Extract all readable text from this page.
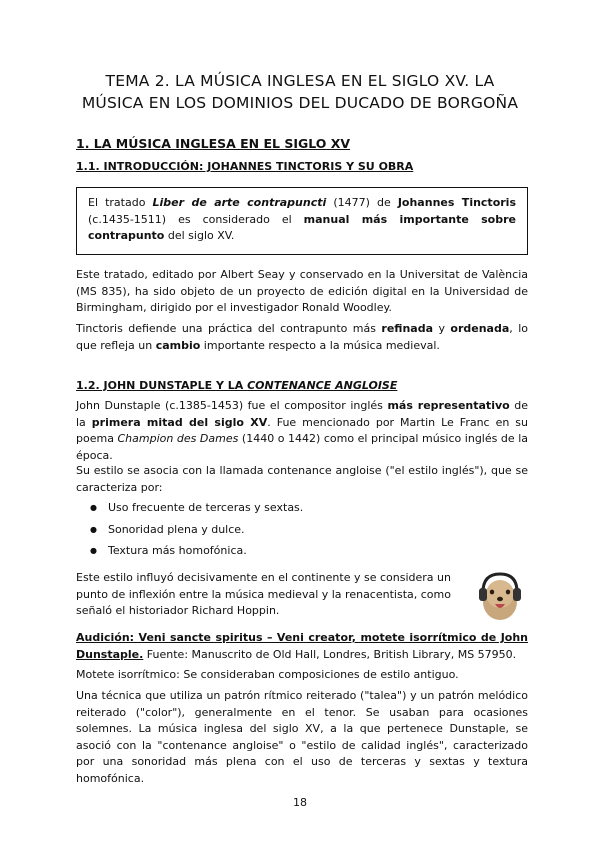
TEMA 2. LA MÚSICA INGLESA EN EL SIGLO XV. LA
MÚSICA EN LOS DOMINIOS DEL DUCADO DE BORGOÑA
1. LA MÚSICA INGLESA EN EL SIGLO XV
1.1. INTRODUCCIÓN: JOHANNES TINCTORIS Y SU OBRA
El tratado Liber de arte contrapuncti (1477) de Johannes Tinctoris (c.1435-1511) es considerado el manual más importante sobre contrapunto del siglo XV.

Este tratado, editado por Albert Seay y conservado en la Universitat de València (MS 835), ha sido objeto de un proyecto de edición digital en la Universidad de Birmingham, dirigido por el investigador Ronald Woodley.

Tinctoris defiende una práctica del contrapunto más refinada y ordenada, lo que refleja un cambio importante respecto a la música medieval.

1.2. JOHN DUNSTAPLE Y LA CONTENANCE ANGLOISE

John Dunstaple (c.1385-1453) fue el compositor inglés más representativo de la primera mitad del siglo XV. Fue mencionado por Martin Le Franc en su poema Champion des Dames (1440 o 1442) como el principal músico inglés de la época.

Su estilo se asocia con la llamada contenance angloise ("el estilo inglés"), que se caracteriza por:

● Uso frecuente de terceras y sextas.
● Sonoridad plena y dulce.
● Textura más homofónica.

Este estilo influyó decisivamente en el continente y se considera un punto de inflexión entre la música medieval y la renacentista, como señaló el historiador Richard Hoppin.

Audición: Veni sancte spiritus – Veni creator, motete isorrítmico de John Dunstaple. Fuente: Manuscrito de Old Hall, Londres, British Library, MS 57950.

Motete isorrítmico: Se consideraban composiciones de estilo antiguo.

Una técnica que utiliza un patrón rítmico reiterado ("talea") y un patrón melódico reiterado ("color"), generalmente en el tenor. Se usaban para ocasiones solemnes. La música inglesa del siglo XV, a la que pertenece Dunstaple, se asoció con la "contenance angloise" o "estilo de calidad inglés", caracterizado por una sonoridad más plena con el uso de terceras y sextas y textura homofónica.

18
